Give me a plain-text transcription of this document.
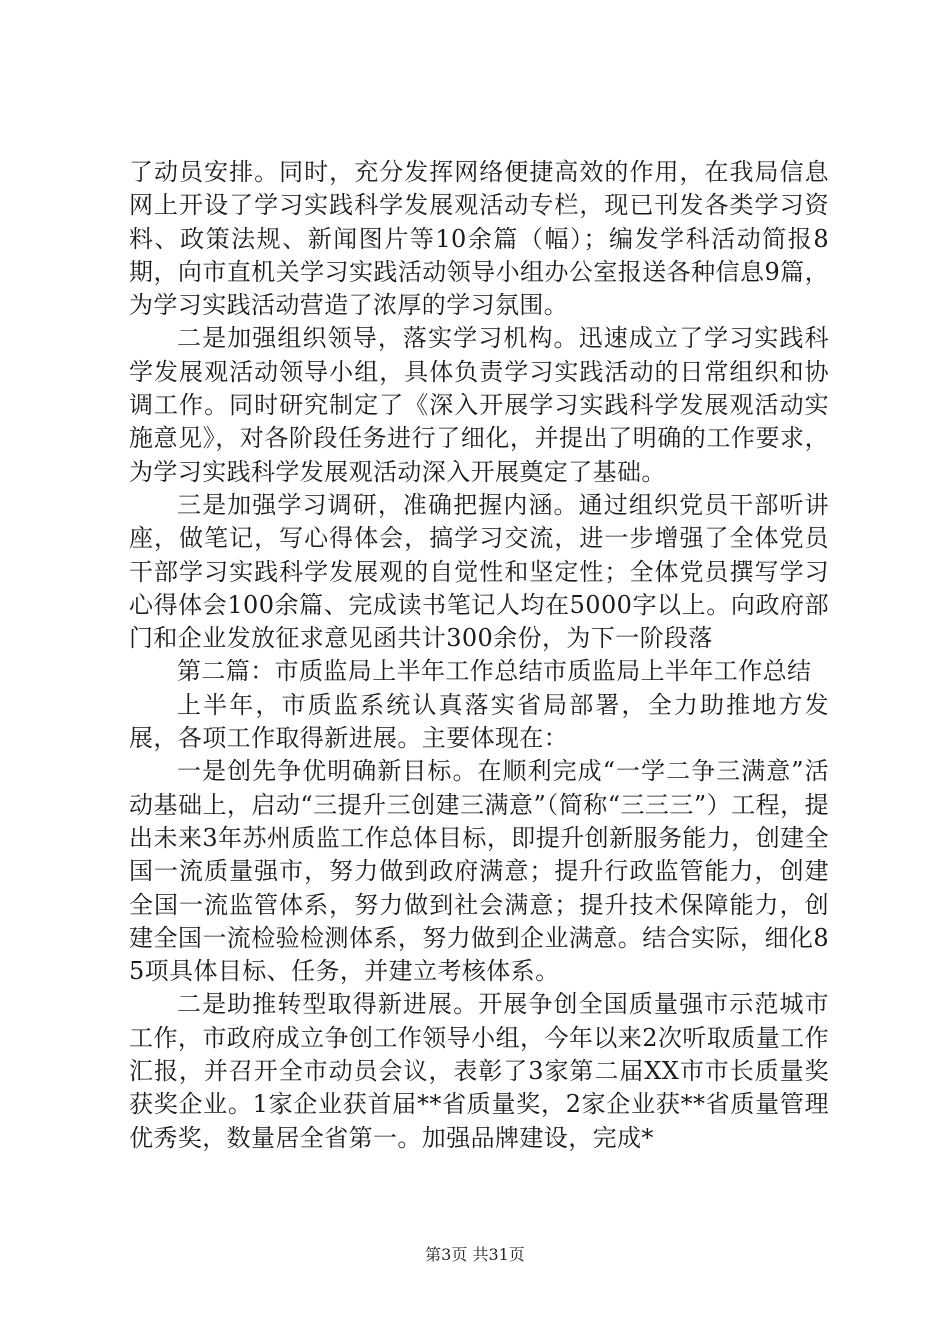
了动员安排。同时，充分发挥网络便捷高效的作用，在我局信息网上开设了学习实践科学发展观活动专栏，现已刊发各类学习资料、政策法规、新闻图片等10余篇（幅）；编发学科活动简报8期，向市直机关学习实践活动领导小组办公室报送各种信息9篇，为学习实践活动营造了浓厚的学习氛围。

二是加强组织领导，落实学习机构。迅速成立了学习实践科学发展观活动领导小组，具体负责学习实践活动的日常组织和协调工作。同时研究制定了《深入开展学习实践科学发展观活动实施意见》，对各阶段任务进行了细化，并提出了明确的工作要求，为学习实践科学发展观活动深入开展奠定了基础。

三是加强学习调研，准确把握内涵。通过组织党员干部听讲座，做笔记，写心得体会，搞学习交流，进一步增强了全体党员干部学习实践科学发展观的自觉性和坚定性；全体党员撰写学习心得体会100余篇、完成读书笔记人均在5000字以上。向政府部门和企业发放征求意见函共计300余份，为下一阶段落

第二篇：市质监局上半年工作总结市质监局上半年工作总结

上半年，市质监系统认真落实省局部署，全力助推地方发展，各项工作取得新进展。主要体现在：

一是创先争优明确新目标。在顺利完成“一学二争三满意”活动基础上，启动“三提升三创建三满意”（简称“三三三”）工程，提出未来3年苏州质监工作总体目标，即提升创新服务能力，创建全国一流质量强市，努力做到政府满意；提升行政监管能力，创建全国一流监管体系，努力做到社会满意；提升技术保障能力，创建全国一流检验检测体系，努力做到企业满意。结合实际，细化85项具体目标、任务，并建立考核体系。

二是助推转型取得新进展。开展争创全国质量强市示范城市工作，市政府成立争创工作领导小组，今年以来2次听取质量工作汇报，并召开全市动员会议，表彰了3家第二届XX市市长质量奖获奖企业。1家企业获首届**省质量奖，2家企业获**省质量管理优秀奖，数量居全省第一。加强品牌建设，完成*

第3页 共31页
